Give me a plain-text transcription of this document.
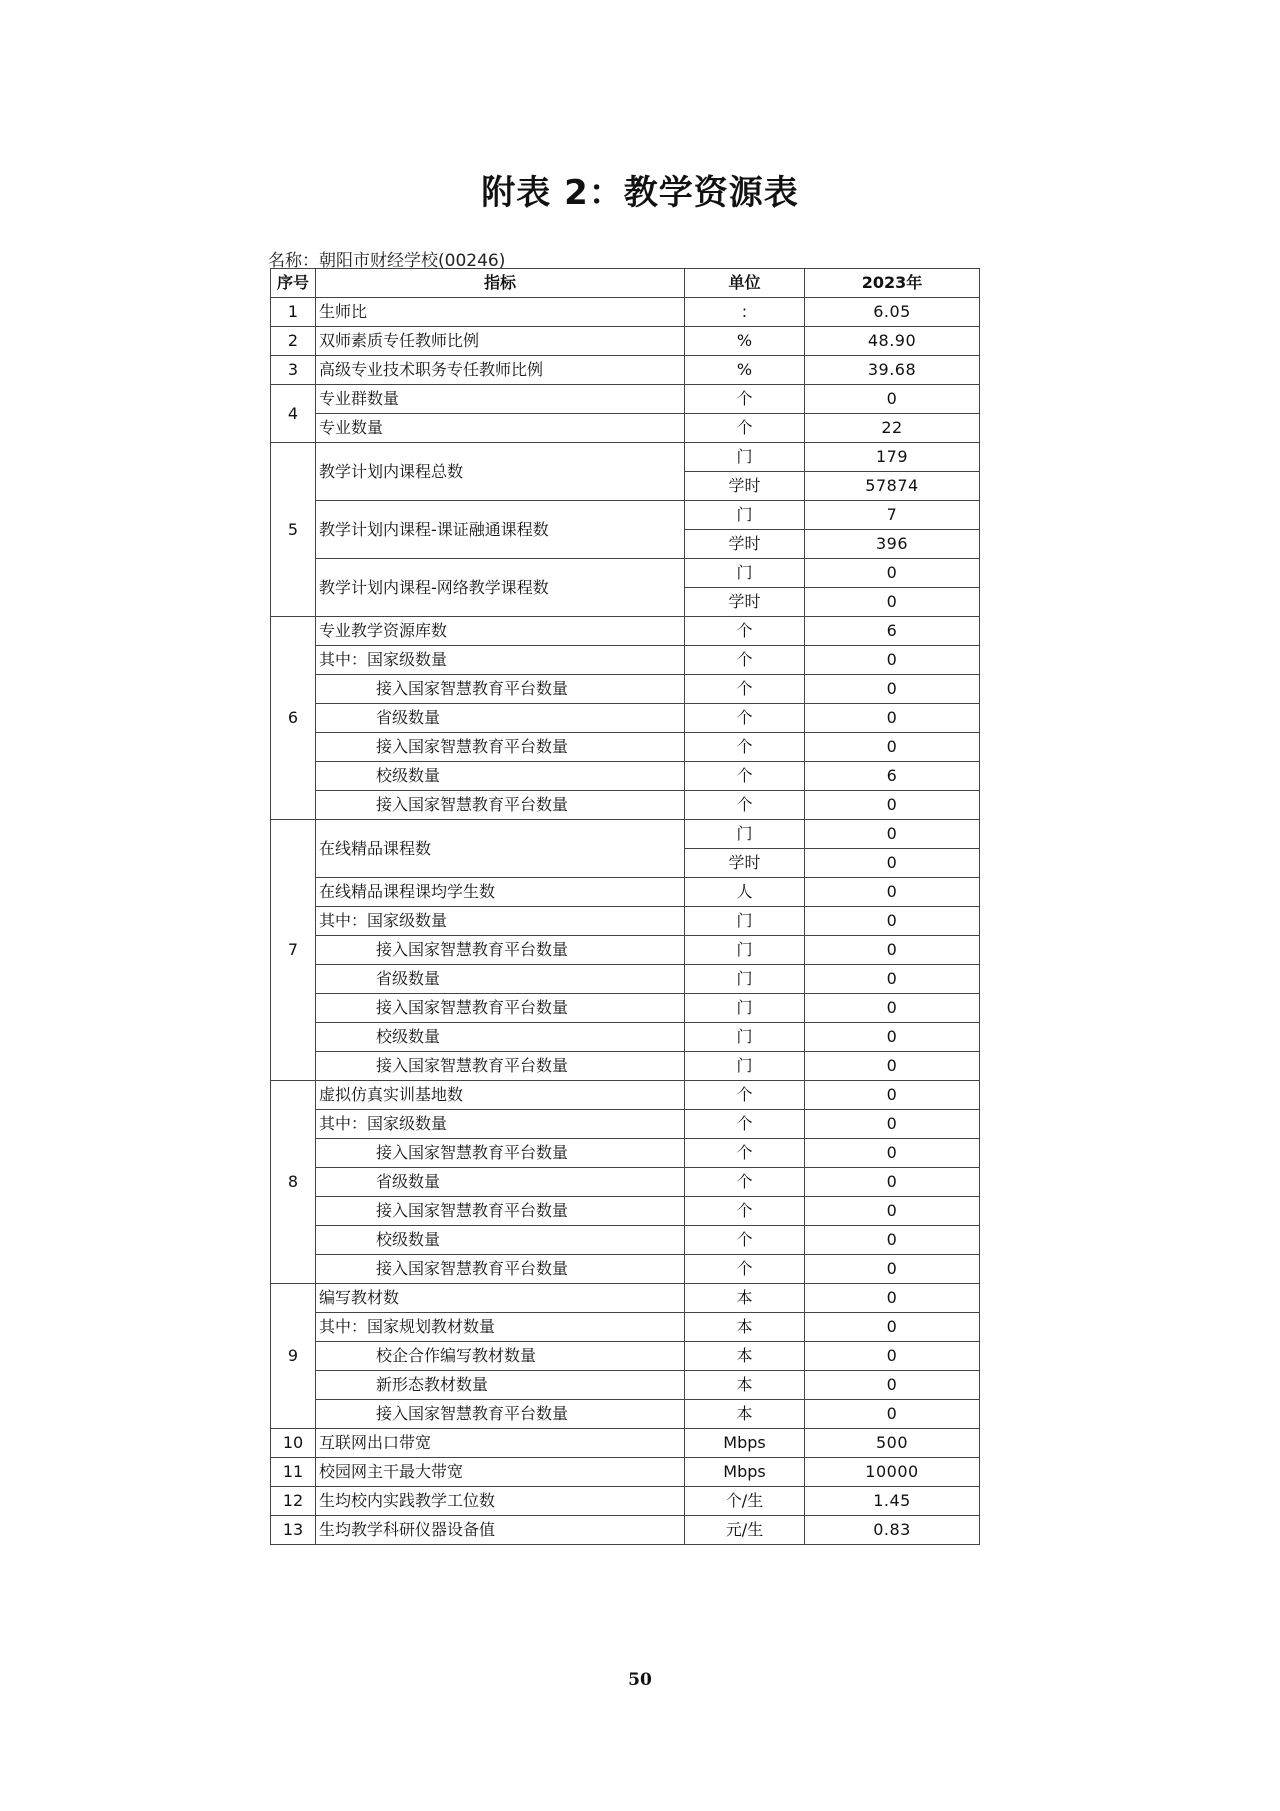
附表 2：教学资源表
名称：朝阳市财经学校(00246)
序号	指标	单位	2023年
1	生师比	:	6.05
2	双师素质专任教师比例	%	48.90
3	高级专业技术职务专任教师比例	%	39.68
4	专业群数量	个	0
	专业数量	个	22
5	教学计划内课程总数	门	179
		学时	57874
	教学计划内课程-课证融通课程数	门	7
		学时	396
	教学计划内课程-网络教学课程数	门	0
		学时	0
6	专业教学资源库数	个	6
	其中：国家级数量	个	0
	接入国家智慧教育平台数量	个	0
	省级数量	个	0
	接入国家智慧教育平台数量	个	0
	校级数量	个	6
	接入国家智慧教育平台数量	个	0
7	在线精品课程数	门	0
		学时	0
	在线精品课程课均学生数	人	0
	其中：国家级数量	门	0
	接入国家智慧教育平台数量	门	0
	省级数量	门	0
	接入国家智慧教育平台数量	门	0
	校级数量	门	0
	接入国家智慧教育平台数量	门	0
8	虚拟仿真实训基地数	个	0
	其中：国家级数量	个	0
	接入国家智慧教育平台数量	个	0
	省级数量	个	0
	接入国家智慧教育平台数量	个	0
	校级数量	个	0
	接入国家智慧教育平台数量	个	0
9	编写教材数	本	0
	其中：国家规划教材数量	本	0
	校企合作编写教材数量	本	0
	新形态教材数量	本	0
	接入国家智慧教育平台数量	本	0
10	互联网出口带宽	Mbps	500
11	校园网主干最大带宽	Mbps	10000
12	生均校内实践教学工位数	个/生	1.45
13	生均教学科研仪器设备值	元/生	0.83
50
